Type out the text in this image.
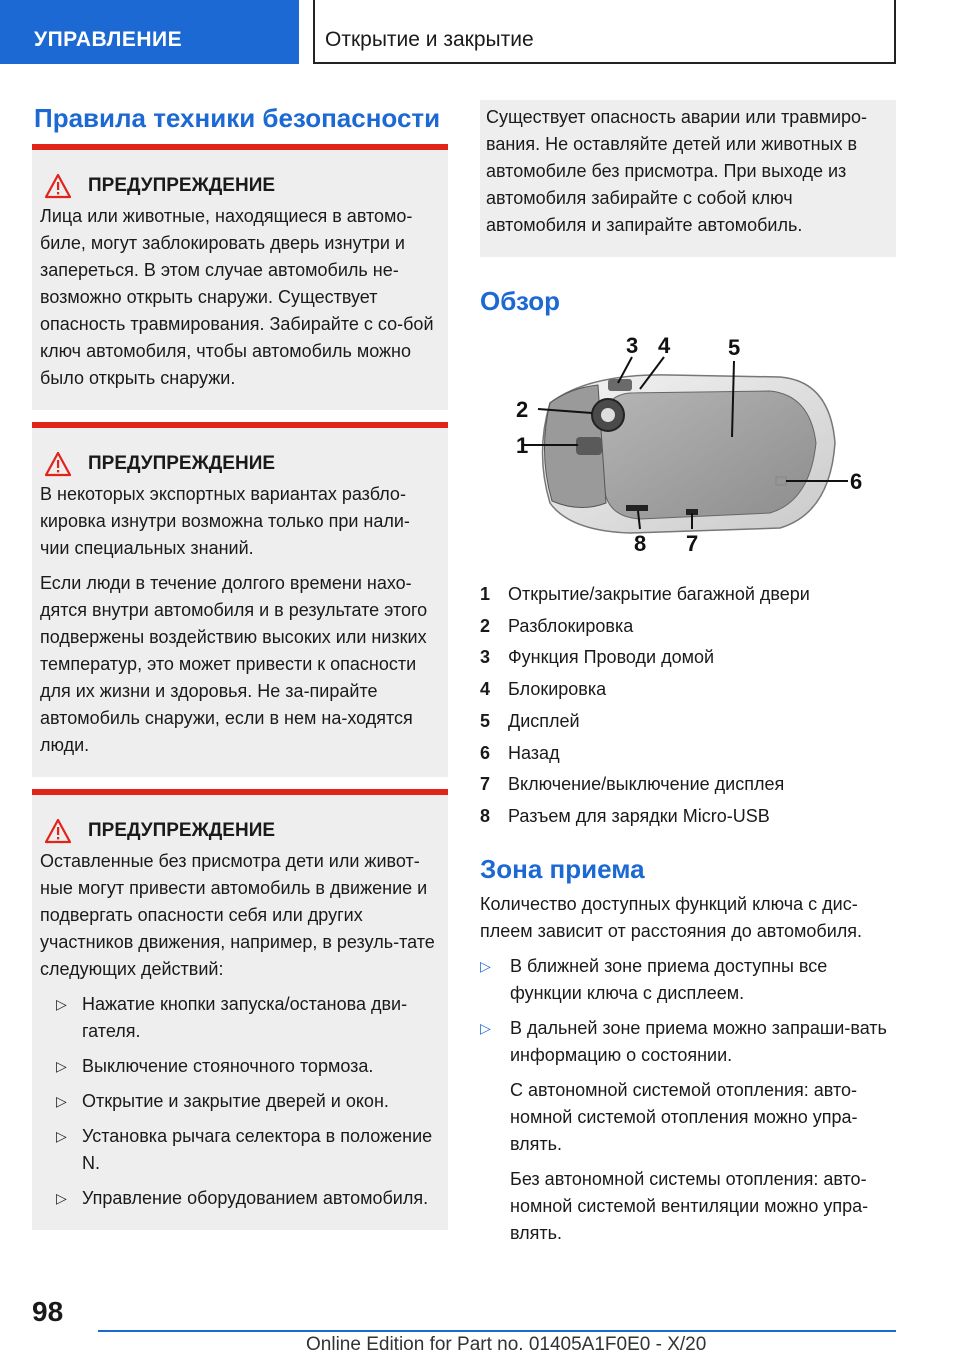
УПРАВЛЕНИЕ	Открытие и закрытие
Правила техники безопасности
ПРЕДУПРЕЖДЕНИЕ

Лица или животные, находящиеся в автомо-биле, могут заблокировать дверь изнутри и запереться. В этом случае автомобиль не-возможно открыть снаружи. Существует опасность травмирования. Забирайте с со-бой ключ автомобиля, чтобы автомобиль можно было открыть снаружи.

ПРЕДУПРЕЖДЕНИЕ

В некоторых экспортных вариантах разбло-кировка изнутри возможна только при нали-чии специальных знаний.

Если люди в течение долгого времени нахо-дятся внутри автомобиля и в результате этого подвержены воздействию высоких или низких температур, это может привести к опасности для их жизни и здоровья. Не за-пирайте автомобиль снаружи, если в нем на-ходятся люди.

ПРЕДУПРЕЖДЕНИЕ

Оставленные без присмотра дети или живот-ные могут привести автомобиль в движение и подвергать опасности себя или других участников движения, например, в резуль-тате следующих действий:

▷ Нажатие кнопки запуска/останова дви-гателя.
▷ Выключение стояночного тормоза.
▷ Открытие и закрытие дверей и окон.
▷ Установка рычага селектора в положение N.
▷ Управление оборудованием автомобиля.

Существует опасность аварии или травмиро-вания. Не оставляйте детей или животных в автомобиле без присмотра. При выходе из автомобиля забирайте с собой ключ автомобиля и запирайте автомобиль.

Обзор
1
2
3 4	5
6
7
8
1 Открытие/закрытие багажной двери
2 Разблокировка
3 Функция Проводи домой
4 Блокировка
5 Дисплей
6 Назад
7 Включение/выключение дисплея
8 Разъем для зарядки Micro-USB
Зона приема

Количество доступных функций ключа с дис-плеем зависит от расстояния до автомобиля.

▷	В ближней зоне приема доступны все функции ключа с дисплеем.
▷	В дальней зоне приема можно запраши-вать информацию о состоянии.

С автономной системой отопления: авто-номной системой отопления можно упра-влять.

Без автономной системы отопления: авто-номной системой вентиляции можно упра-влять.

98
Online Edition for Part no. 01405A1F0E0 - X/20
